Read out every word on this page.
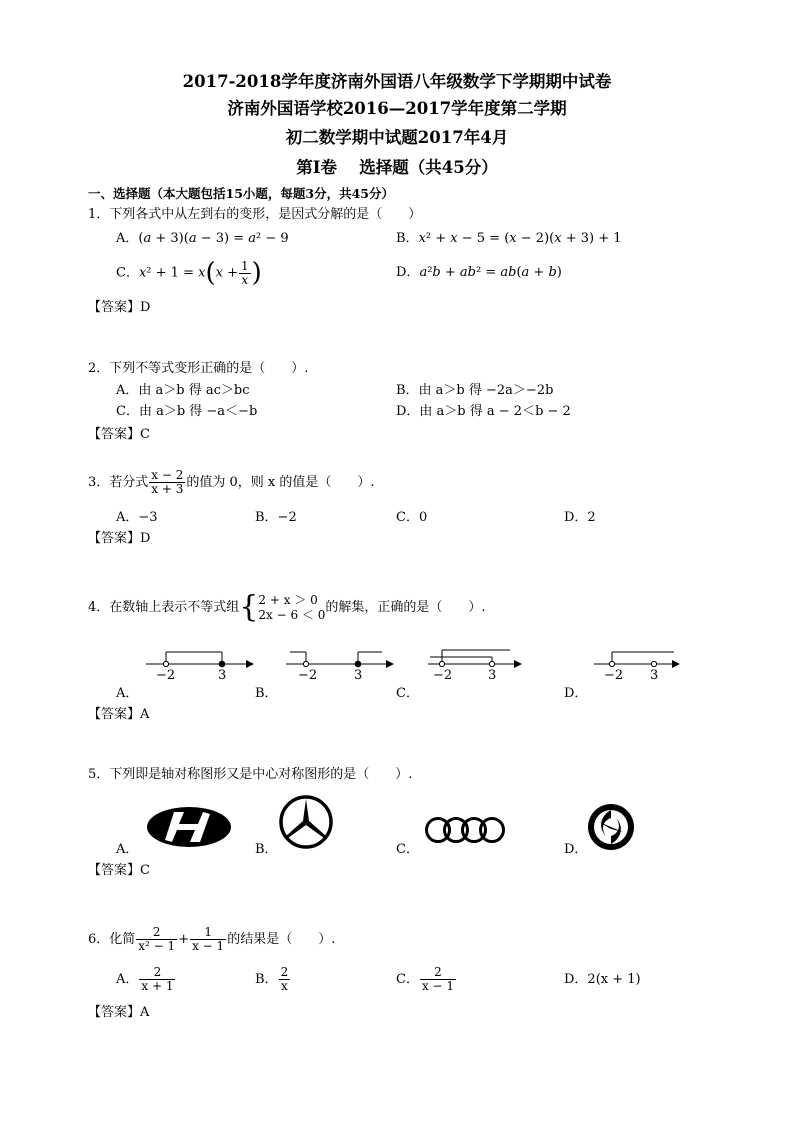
2017-2018学年度济南外国语八年级数学下学期期中试卷
济南外国语学校2016—2017学年度第二学期
初二数学期中试题2017年4月
第Ⅰ卷　 选择题（共45分）
一、选择题（本大题包括15小题，每题3分，共45分）
1．下列各式中从左到右的变形，是因式分解的是（　　）
A．(a + 3)(a − 3) = a² − 9	B．x² + x − 5 = (x − 2)(x + 3) + 1
C．$x^2 + 1 = x(x + \frac{1}{x}$ )	D．a²b + ab² = ab(a + b)
【答案】D
2．下列不等式变形正确的是（　　）.
A．由 a＞b 得 ac＞bc	B．由 a＞b 得 −2a＞−2b
C．由 a＞b 得 −a＜−b	D．由 a＞b 得 a − 2＜b − 2
【答案】C
3．若分式 $\frac{x - 2}{x + 3}$ 的值为 0，则 x 的值是（　　）.
A．−3	B．−2	C．0	D．2
【答案】D
4．在数轴上表示不等式组{ 2 + x ＞ 0
2x − 6 ＜ 0 的解集，正确的是（　　）.
−2	3	−2	3	−2	3	−2 3
A．	B．	C．	D．
【答案】A
5．下列即是轴对称图形又是中心对称图形的是（　　）.
A．	B．	C．	D．
【答案】C
6．化简 $\frac{2}{\text{x² − 1}} + \frac{1}{x - 1}$ 的结果是（　　）.
A． $\frac{2}{x + 1}$	B． $\frac{2}{x}$	C． $\frac{2}{x - 1}$	D．2(x + 1)
【答案】A
